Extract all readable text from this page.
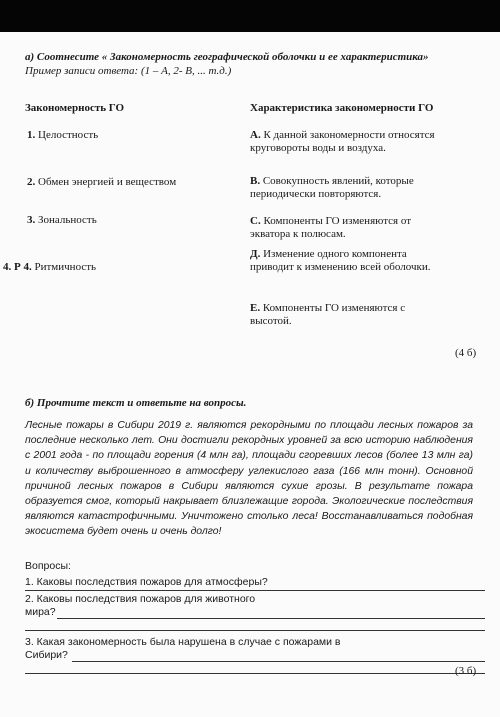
а) Соотнесите « Закономерность географической оболочки и ее характеристика» Пример записи ответа: (1 – А, 2- В, ... т.д.)
Закономерность ГО	Характеристика закономерности ГО
1. Целостность
2. Обмен энергией и веществом
3. Зональность
4. Р 4. Ритмичность
А. К данной закономерности относятся
круговороты воды и воздуха.
В. Совокупность явлений, которые
периодически повторяются.
С. Компоненты ГО изменяются от
экватора к полюсам.
Д. Изменение одного компонента
приводит к изменению всей оболочки.
Е. Компоненты ГО изменяются с
высотой.
(4 б)
б) Прочтите текст и ответьте на вопросы.
Лесные пожары в Сибири 2019 г. являются рекордными по площади лесных пожаров за последние несколько лет. Они достигли рекордных уровней за всю историю наблюдения с 2001 года - по площади горения (4 млн га), площади сгоревших лесов (более 13 млн га) и количеству выброшенного в атмосферу углекислого газа (166 млн тонн). Основной причиной лесных пожаров в Сибири являются сухие грозы. В результате пожара образуется смог, который накрывает близлежащие города. Экологические последствия являются катастрофичными. Уничтожено столько леса! Восстанавливаться подобная экосистема будет очень и очень долго!
Вопросы:
1. Каковы последствия пожаров для атмосферы?
2. Каковы последствия пожаров для животного
мира?
3. Какая закономерность была нарушена в случае с пожарами в
Сибири?
(3 б)
